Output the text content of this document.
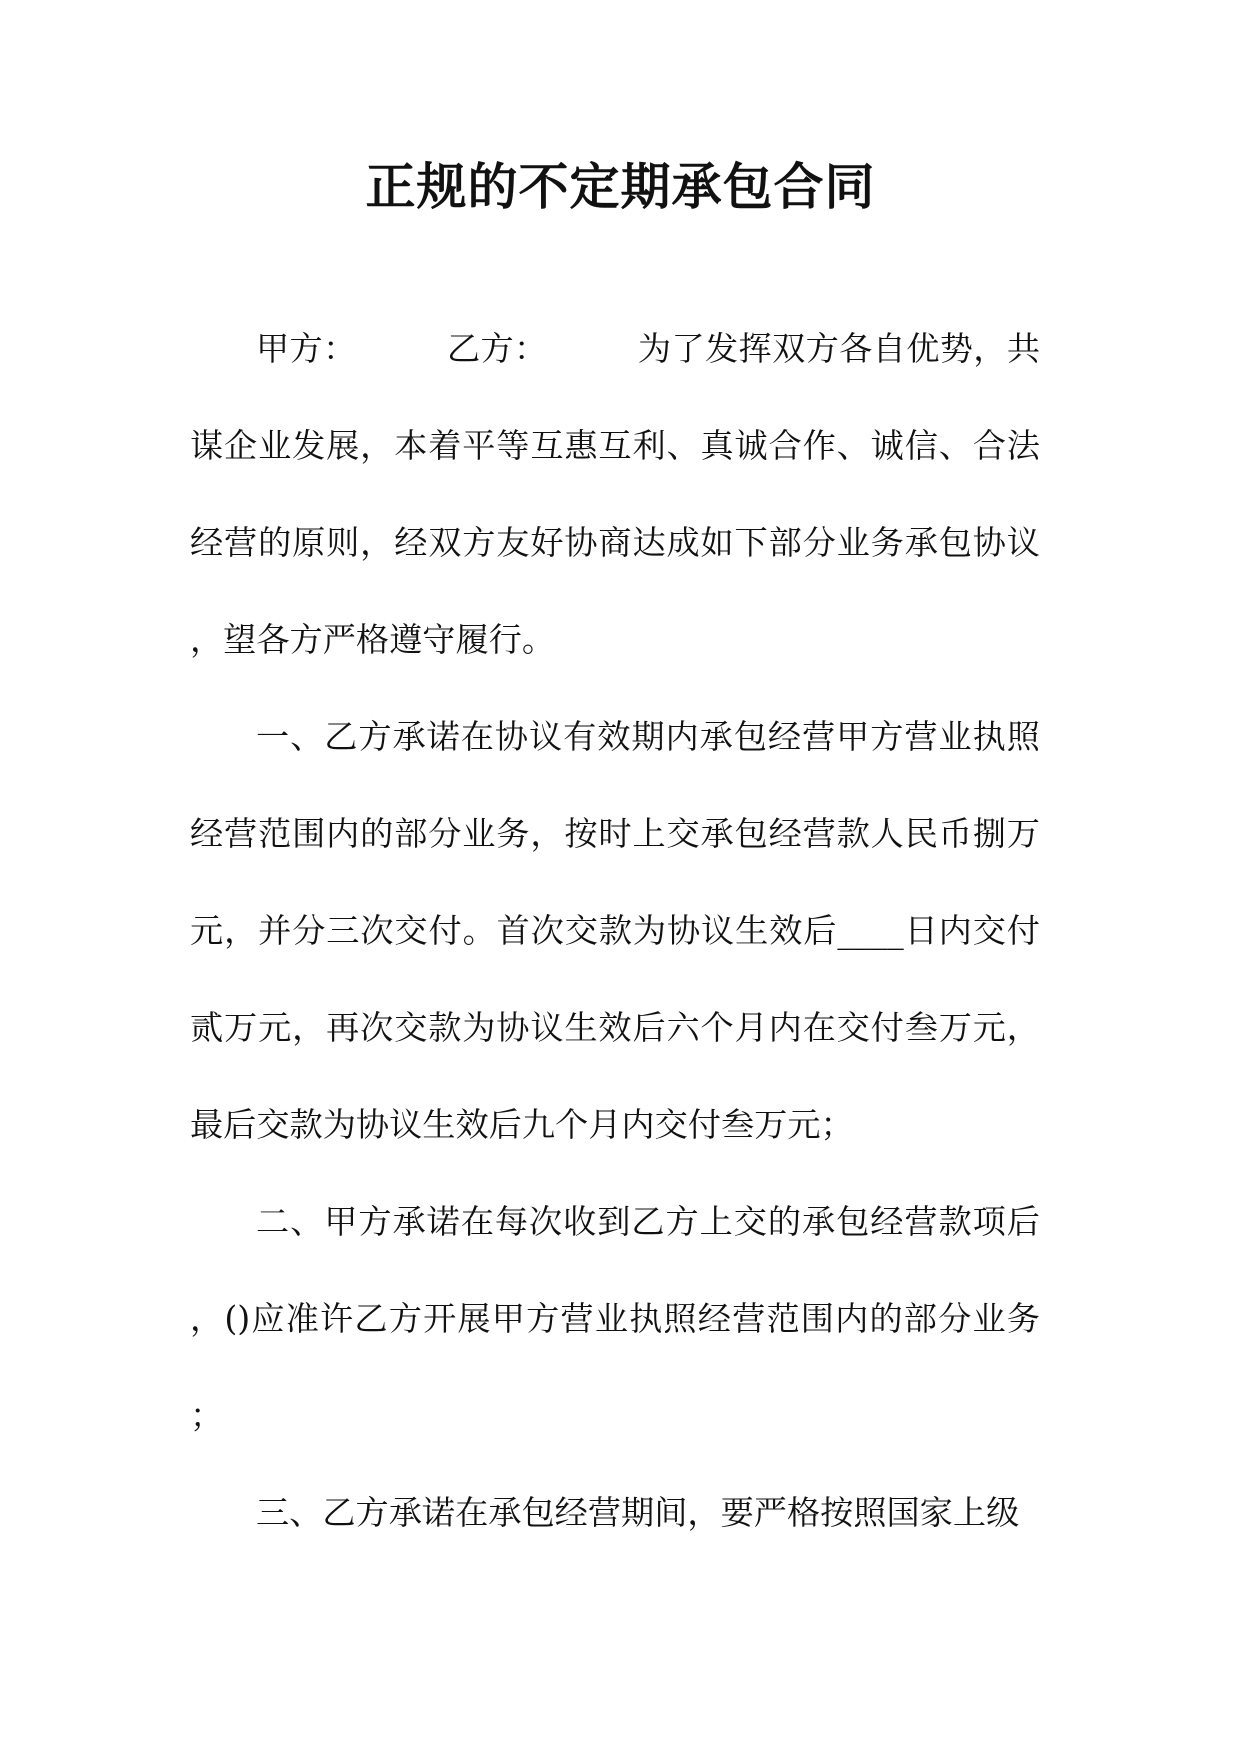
正规的不定期承包合同

甲方：	乙方：	为了发挥双方各自优势，共谋企业发展，本着平等互惠互利、真诚合作、诚信、合法经营的原则，经双方友好协商达成如下部分业务承包协议，望各方严格遵守履行。

一、乙方承诺在协议有效期内承包经营甲方营业执照经营范围内的部分业务，按时上交承包经营款人民币捌万元，并分三次交付。首次交款为协议生效后____日内交付贰万元，再次交款为协议生效后六个月内在交付叁万元，最后交款为协议生效后九个月内交付叁万元；

二、甲方承诺在每次收到乙方上交的承包经营款项后，()应准许乙方开展甲方营业执照经营范围内的部分业务；

三、乙方承诺在承包经营期间，要严格按照国家上级
